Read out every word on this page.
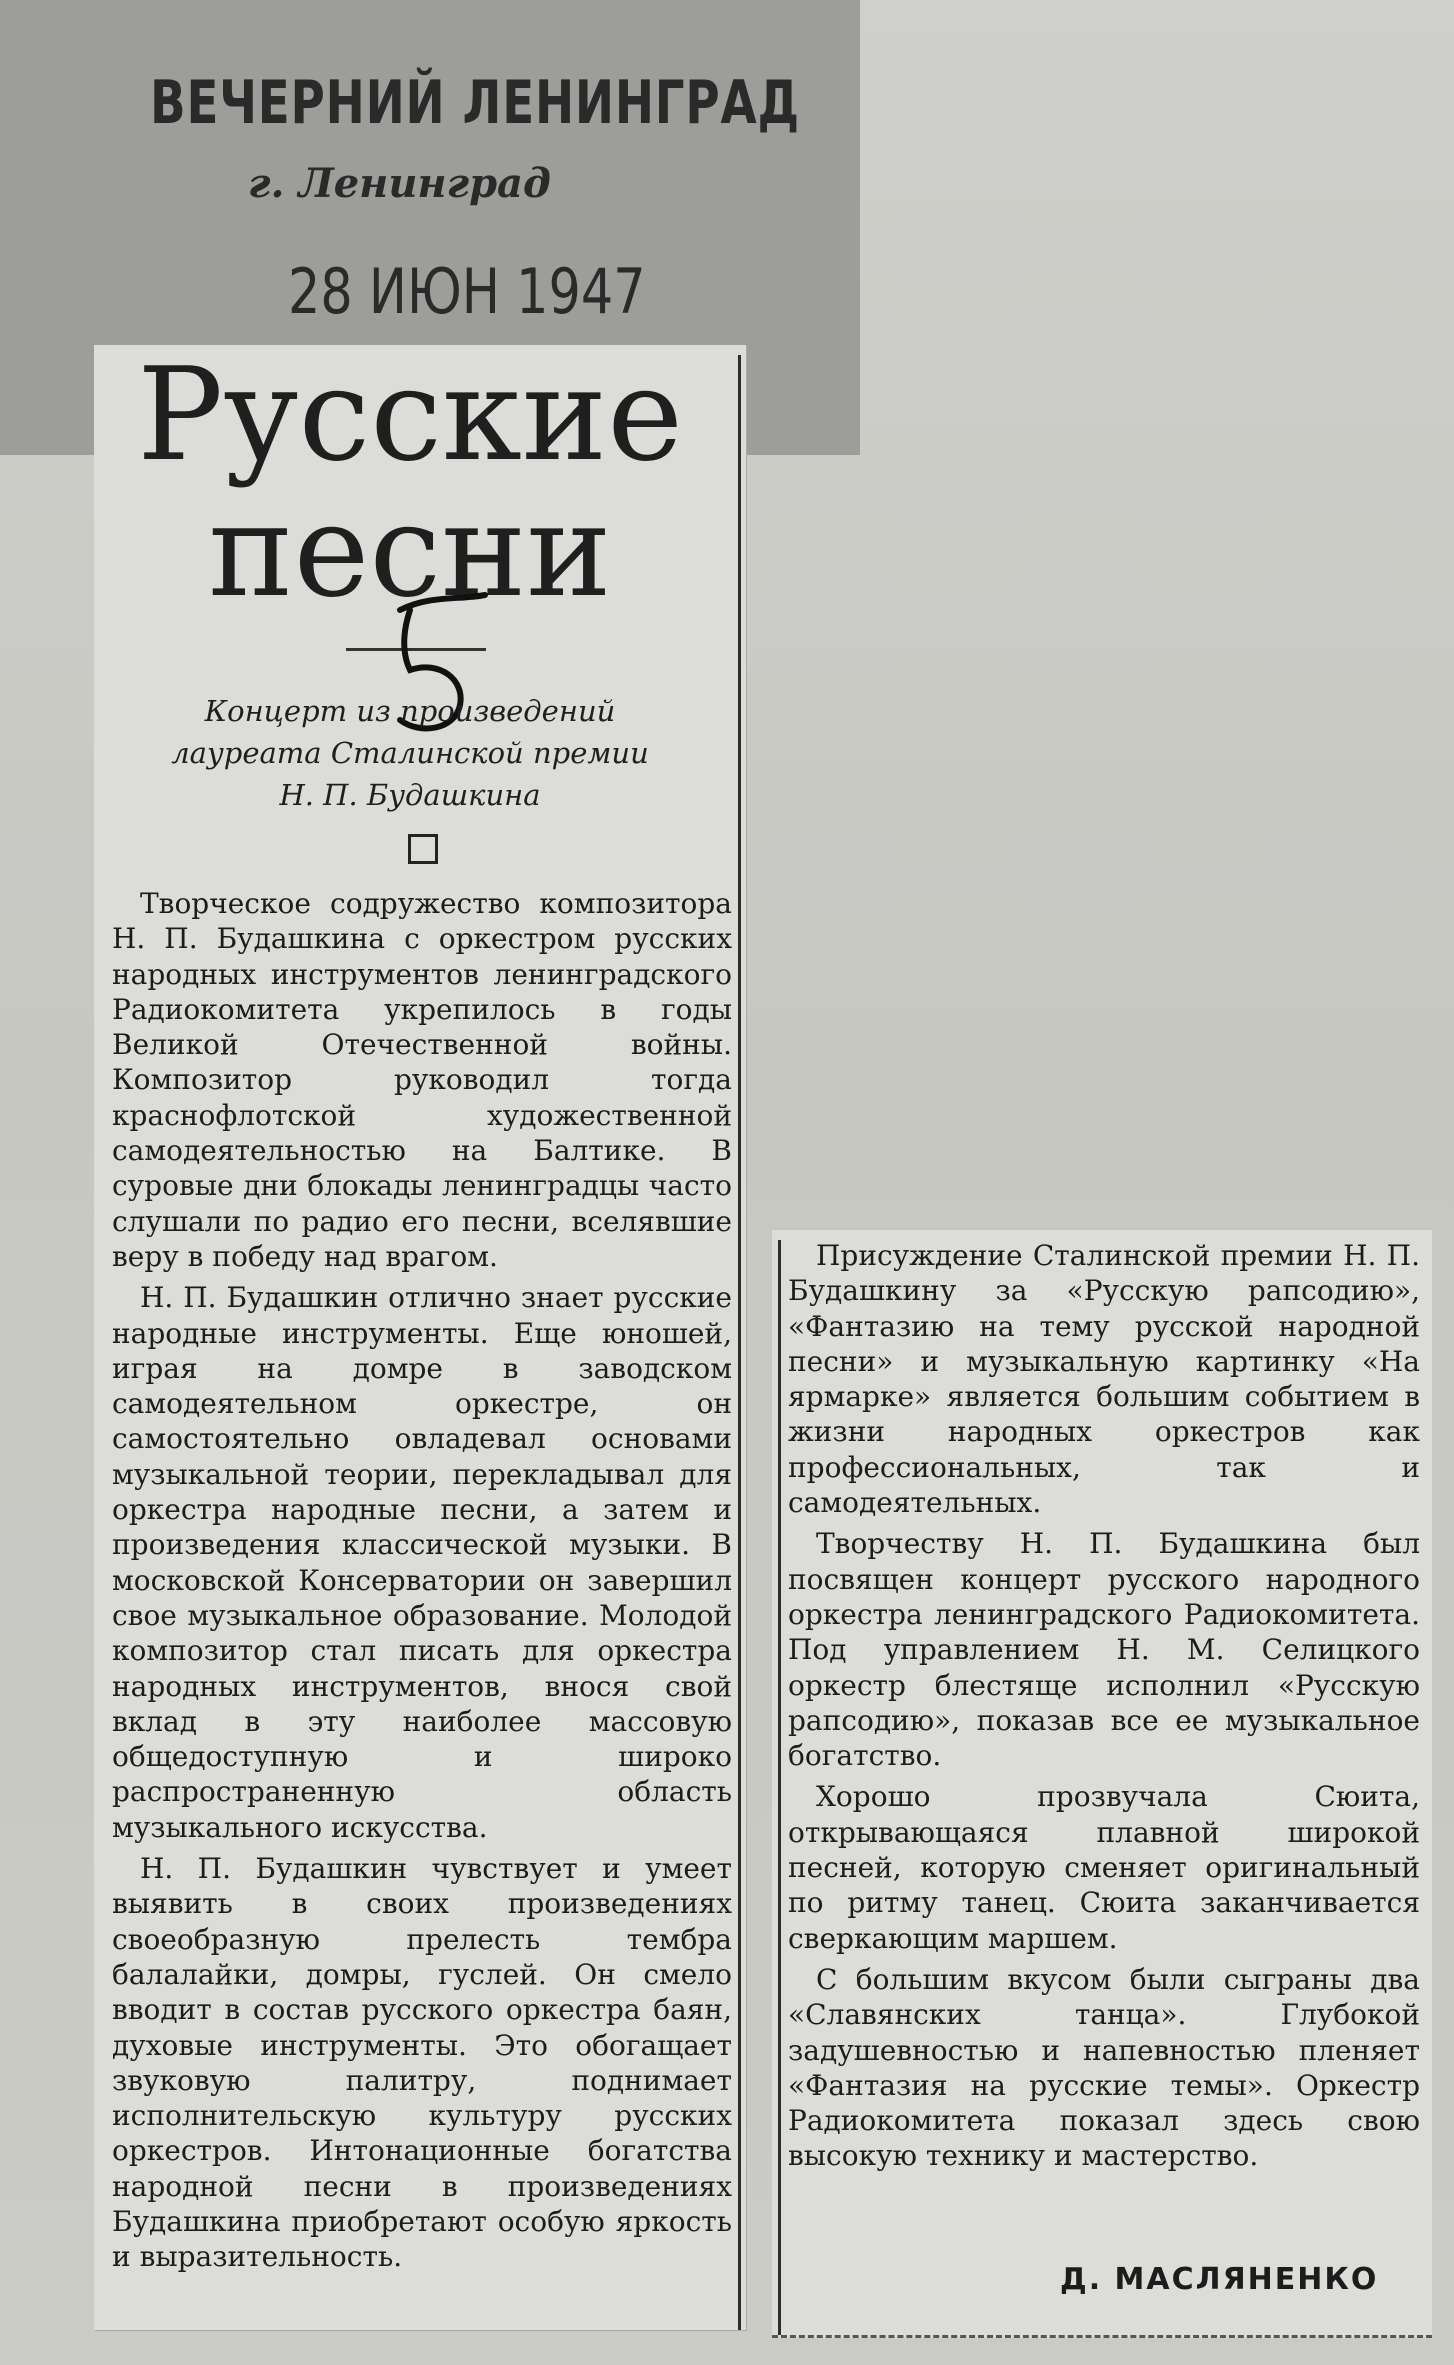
ВЕЧЕРНИЙ ЛЕНИНГРАД
г. Ленинград
28 ИЮН 1947
Русские
песни
Концерт из произведений
лауреата Сталинской премии
Н. П. Будашкина

Творческое содружество композитора Н. П. Будашкина с оркестром русских народных инструментов ленинградского Радиокомитета укрепилось в годы Великой Отечественной войны. Композитор руководил тогда краснофлотской художественной самодеятельностью на Балтике. В суровые дни блокады ленинградцы часто слушали по радио его песни, вселявшие веру в победу над врагом.

Н. П. Будашкин отлично знает русские народные инструменты. Еще юношей, играя на домре в заводском самодеятельном оркестре, он самостоятельно овладевал основами музыкальной теории, перекладывал для оркестра народные песни, а затем и произведения классической музыки. В московской Консерватории он завершил свое музыкальное образование. Молодой композитор стал писать для оркестра народных инструментов, внося свой вклад в эту наиболее массовую общедоступную и широко распространенную область музыкального искусства.

Н. П. Будашкин чувствует и умеет выявить в своих произведениях своеобразную прелесть тембра балалайки, домры, гуслей. Он смело вводит в состав русского оркестра баян, духовые инструменты. Это обогащает звуковую палитру, поднимает исполнительскую культуру русских оркестров. Интонационные богатства народной песни в произведениях Будашкина приобретают особую яркость и выразительность.

Присуждение Сталинской премии Н. П. Будашкину за «Русскую рапсодию», «Фантазию на тему русской народной песни» и музыкальную картинку «На ярмарке» является большим событием в жизни народных оркестров как профессиональных, так и самодеятельных.

Творчеству Н. П. Будашкина был посвящен концерт русского народного оркестра ленинградского Радиокомитета. Под управлением Н. М. Селицкого оркестр блестяще исполнил «Русскую рапсодию», показав все ее музыкальное богатство.

Хорошо прозвучала Сюита, открывающаяся плавной широкой песней, которую сменяет оригинальный по ритму танец. Сюита заканчивается сверкающим маршем.

С большим вкусом были сыграны два «Славянских танца». Глубокой задушевностью и напевностью пленяет «Фантазия на русские темы». Оркестр Радиокомитета показал здесь свою высокую технику и мастерство.

Д. МАСЛЯНЕНКО
